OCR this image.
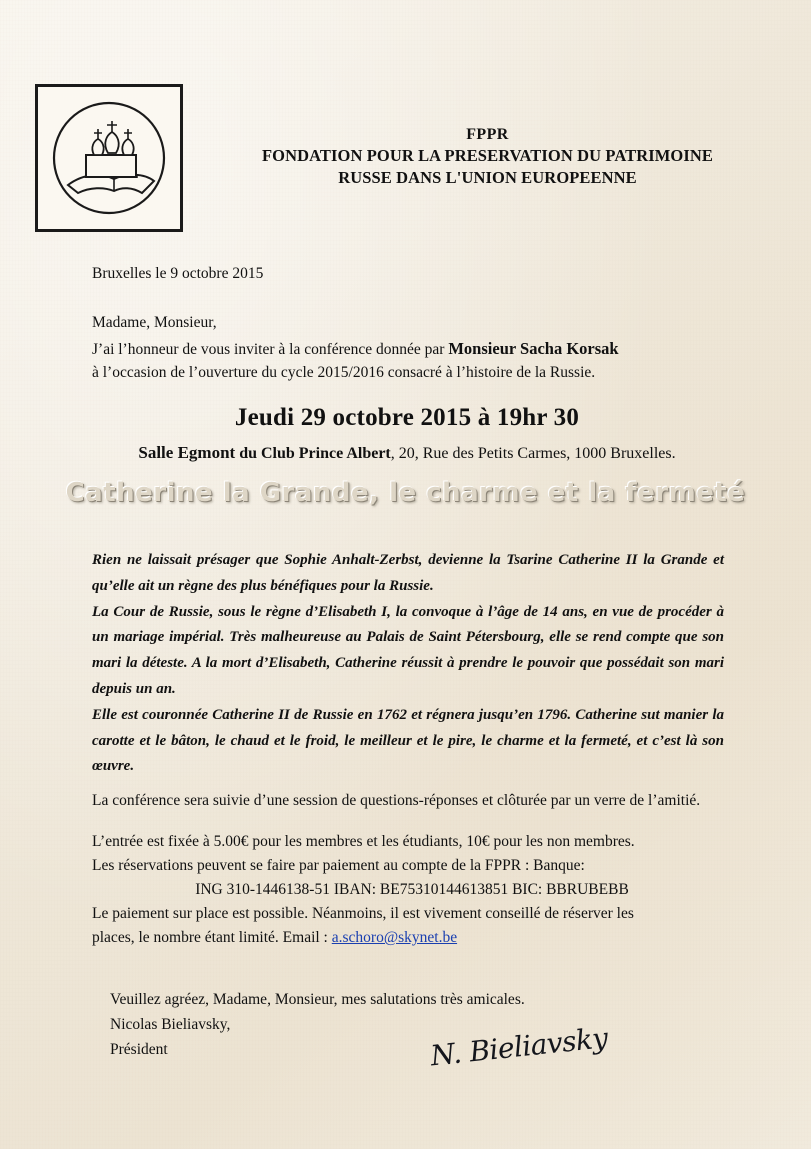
FPPR
FONDATION POUR LA PRESERVATION DU PATRIMOINE
RUSSE DANS L'UNION EUROPEENNE
Bruxelles le 9 octobre 2015
Madame, Monsieur,
J’ai l’honneur de vous inviter à la conférence donnée par Monsieur Sacha Korsak
à l’occasion de l’ouverture du cycle 2015/2016 consacré à l’histoire de la Russie.
Jeudi 29 octobre 2015 à 19hr 30
Salle Egmont du Club Prince Albert, 20, Rue des Petits Carmes, 1000 Bruxelles.
Catherine la Grande, le charme et la fermeté

Rien ne laissait présager que Sophie Anhalt-Zerbst, devienne la Tsarine Catherine II la Grande et qu’elle ait un règne des plus bénéfiques pour la Russie.

La Cour de Russie, sous le règne d’Elisabeth I, la convoque à l’âge de 14 ans, en vue de procéder à un mariage impérial. Très malheureuse au Palais de Saint Pétersbourg, elle se rend compte que son mari la déteste. A la mort d’Elisabeth, Catherine réussit à prendre le pouvoir que possédait son mari depuis un an.

Elle est couronnée Catherine II de Russie en 1762 et régnera jusqu’en 1796. Catherine sut manier la carotte et le bâton, le chaud et le froid, le meilleur et le pire, le charme et la fermeté, et c’est là son œuvre.

La conférence sera suivie d’une session de questions-réponses et clôturée par un verre de l’amitié.
L’entrée est fixée à 5.00€ pour les membres et les étudiants, 10€ pour les non membres.
Les réservations peuvent se faire par paiement au compte de la FPPR : Banque:
ING 310-1446138-51 IBAN: BE75310144613851 BIC: BBRUBEBB
Le paiement sur place est possible. Néanmoins, il est vivement conseillé de réserver les
places, le nombre étant limité. Email : a.schoro@skynet.be
Veuillez agréez, Madame, Monsieur, mes salutations très amicales.
Nicolas Bieliavsky,
Président	N. Bieliavsky
